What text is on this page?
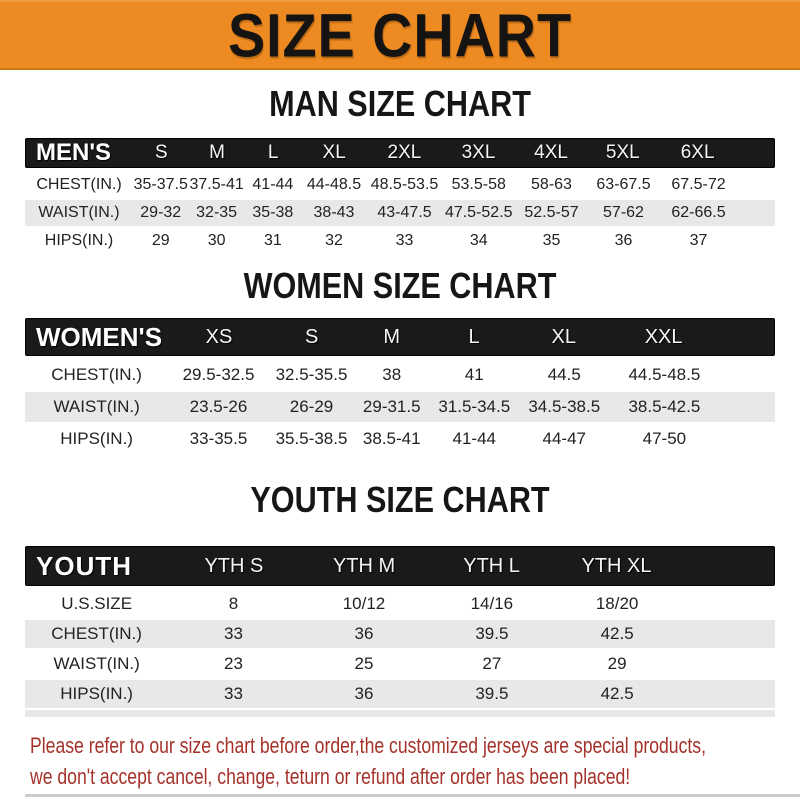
SIZE CHART
MAN SIZE CHART
MEN'S	S	M	L	XL	2XL	3XL	4XL	5XL	6XL
CHEST(IN.) 35-37.5 37.5-41 41-44 44-48.5 48.5-53.5 53.5-58	58-63	63-67.5	67.5-72
WAIST(IN.)	29-32 32-35 35-38	38-43	43-47.5 47.5-52.5 52.5-57	57-62	62-66.5
HIPS(IN.)	29	30	31	32	33	34	35	36	37
WOMEN SIZE CHART
WOMEN'S	XS	S	M	L	XL	XXL
CHEST(IN.)	29.5-32.5	32.5-35.5	38	41	44.5	44.5-48.5
WAIST(IN.)	23.5-26	26-29	29-31.5	31.5-34.5	34.5-38.5	38.5-42.5
HIPS(IN.)	33-35.5	35.5-38.5 38.5-41	41-44	44-47	47-50
YOUTH SIZE CHART
YOUTH	YTH S	YTH M	YTH L	YTH XL
U.S.SIZE	8	10/12	14/16	18/20
CHEST(IN.)	33	36	39.5	42.5
WAIST(IN.)	23	25	27	29
HIPS(IN.)	33	36	39.5	42.5
Please refer to our size chart before order,the customized jerseys are special products,
we don't accept cancel, change, teturn or refund after order has been placed!
